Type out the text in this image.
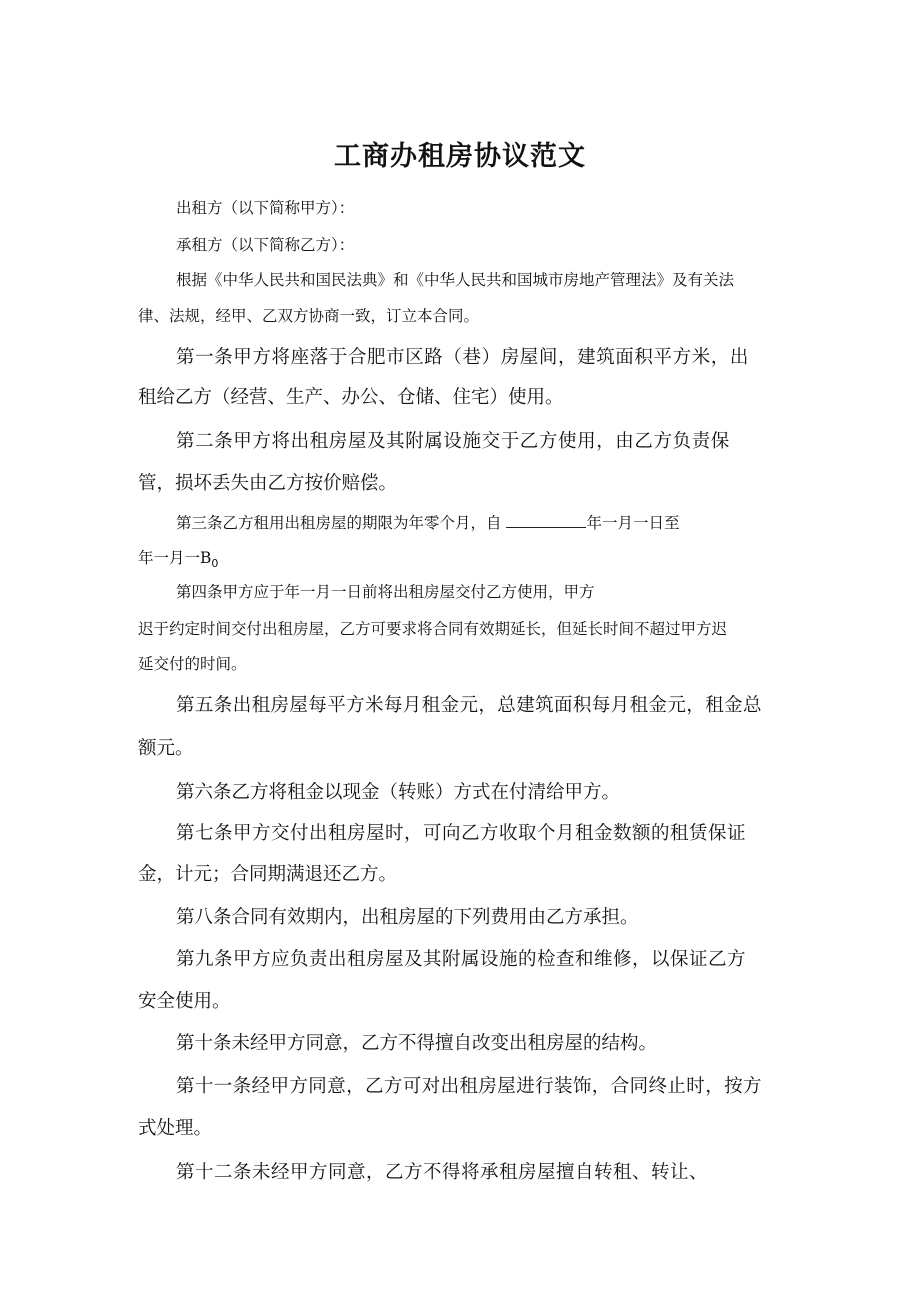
工商办租房协议范文

出租方（以下简称甲方）：

承租方（以下简称乙方）：

根据《中华人民共和国民法典》和《中华人民共和国城市房地产管理法》及有关法

律、法规，经甲、乙双方协商一致，订立本合同。

第一条甲方将座落于合肥市区路（巷）房屋间，建筑面积平方米，出

租给乙方（经营、生产、办公、仓储、住宅）使用。

第二条甲方将出租房屋及其附属设施交于乙方使用，由乙方负责保

管，损坏丢失由乙方按价赔偿。

第三条乙方租用出租房屋的期限为年零个月，自	年一月一日至

年一月一$B_0$

第四条甲方应于年一月一日前将出租房屋交付乙方使用，甲方

迟于约定时间交付出租房屋，乙方可要求将合同有效期延长，但延长时间不超过甲方迟

延交付的时间。

第五条出租房屋每平方米每月租金元，总建筑面积每月租金元，租金总

额元。

第六条乙方将租金以现金（转账）方式在付清给甲方。

第七条甲方交付出租房屋时，可向乙方收取个月租金数额的租赁保证

金，计元；合同期满退还乙方。

第八条合同有效期内，出租房屋的下列费用由乙方承担。

第九条甲方应负责出租房屋及其附属设施的检查和维修，以保证乙方

安全使用。

第十条未经甲方同意，乙方不得擅自改变出租房屋的结构。

第十一条经甲方同意，乙方可对出租房屋进行装饰，合同终止时，按方

式处理。

第十二条未经甲方同意，乙方不得将承租房屋擅自转租、转让、
